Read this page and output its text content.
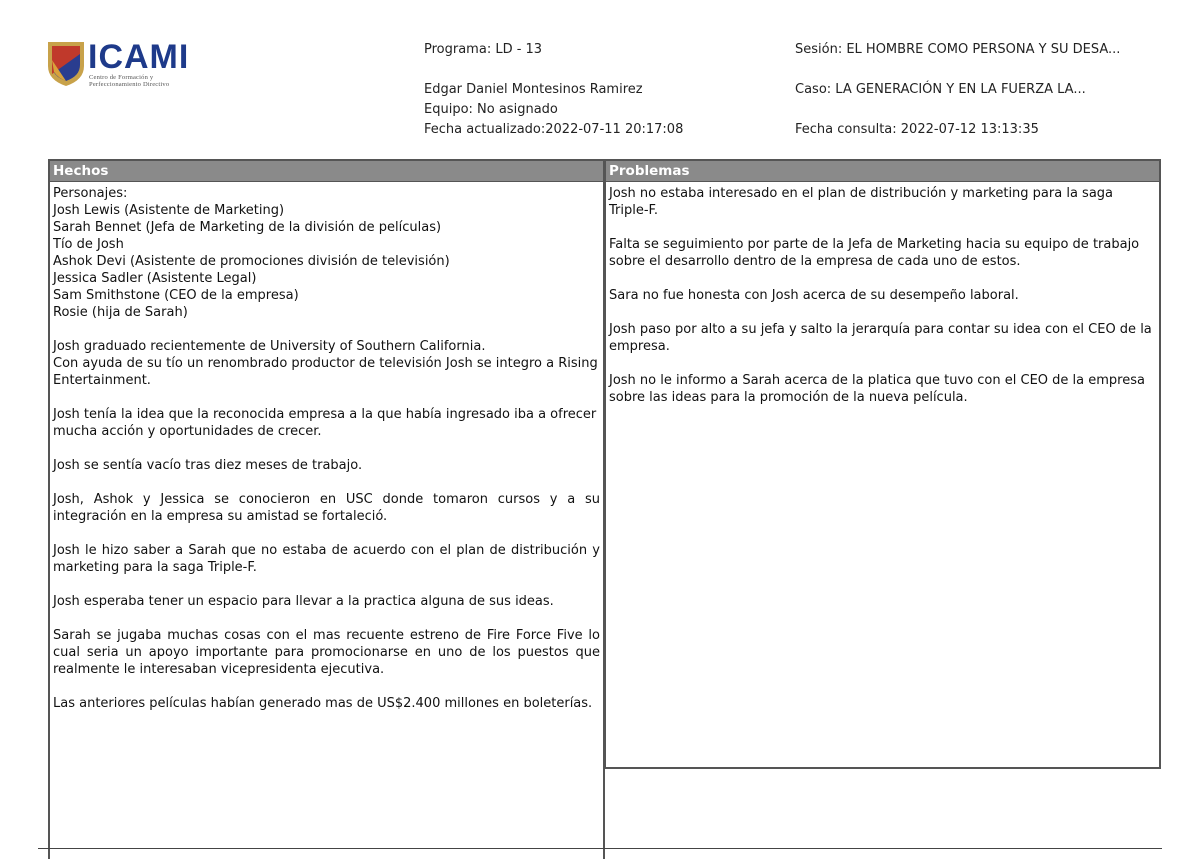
ICAMI
Centro de Formación y
Perfeccionamiento Directivo
Programa: LD - 13
Edgar Daniel Montesinos Ramirez
Equipo: No asignado
Fecha actualizado:2022-07-11 20:17:08
Sesión: EL HOMBRE COMO PERSONA Y SU DESA...
Caso: LA GENERACIÓN Y EN LA FUERZA LA...
Fecha consulta: 2022-07-12 13:13:35
Hechos
Personajes:
Josh Lewis (Asistente de Marketing)
Sarah Bennet (Jefa de Marketing de la división de películas)
Tío de Josh
Ashok Devi (Asistente de promociones división de televisión)
Jessica Sadler (Asistente Legal)
Sam Smithstone (CEO de la empresa)
Rosie (hija de Sarah)
Josh graduado recientemente de University of Southern California.
Con ayuda de su tío un renombrado productor de televisión Josh se integro a Rising Entertainment.
Josh tenía la idea que la reconocida empresa a la que había ingresado iba a ofrecer mucha acción y oportunidades de crecer.
Josh se sentía vacío tras diez meses de trabajo.
Josh, Ashok y Jessica se conocieron en USC donde tomaron cursos y a su integración en la empresa su amistad se fortaleció.
Josh le hizo saber a Sarah que no estaba de acuerdo con el plan de distribución y marketing para la saga Triple-F.
Josh esperaba tener un espacio para llevar a la practica alguna de sus ideas.
Sarah se jugaba muchas cosas con el mas recuente estreno de Fire Force Five lo cual seria un apoyo importante para promocionarse en uno de los puestos que realmente le interesaban vicepresidenta ejecutiva.
Las anteriores películas habían generado mas de US$2.400 millones en boleterías.
Problemas
Josh no estaba interesado en el plan de distribución y marketing para la saga Triple-F.
Falta se seguimiento por parte de la Jefa de Marketing hacia su equipo de trabajo sobre el desarrollo dentro de la empresa de cada uno de estos.
Sara no fue honesta con Josh acerca de su desempeño laboral.
Josh paso por alto a su jefa y salto la jerarquía para contar su idea con el CEO de la empresa.
Josh no le informo a Sarah acerca de la platica que tuvo con el CEO de la empresa sobre las ideas para la promoción de la nueva película.
